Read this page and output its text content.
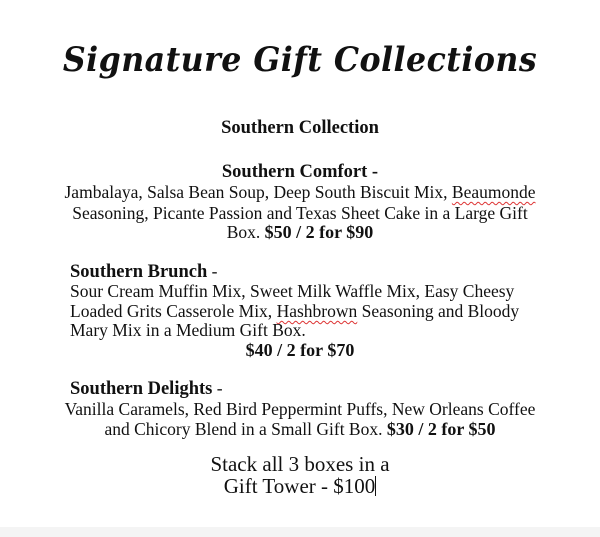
Signature Gift Collections
Southern Collection
Southern Comfort -
Jambalaya, Salsa Bean Soup, Deep South Biscuit Mix, Beaumonde
Seasoning, Picante Passion and Texas Sheet Cake in a Large Gift
Box. $50 / 2 for $90
Southern Brunch -
Sour Cream Muffin Mix, Sweet Milk Waffle Mix, Easy Cheesy
Loaded Grits Casserole Mix, Hashbrown Seasoning and Bloody
Mary Mix in a Medium Gift Box.
$40 / 2 for $70
Southern Delights -
Vanilla Caramels, Red Bird Peppermint Puffs, New Orleans Coffee
and Chicory Blend in a Small Gift Box. $30 / 2 for $50
Stack all 3 boxes in a
Gift Tower - $100
